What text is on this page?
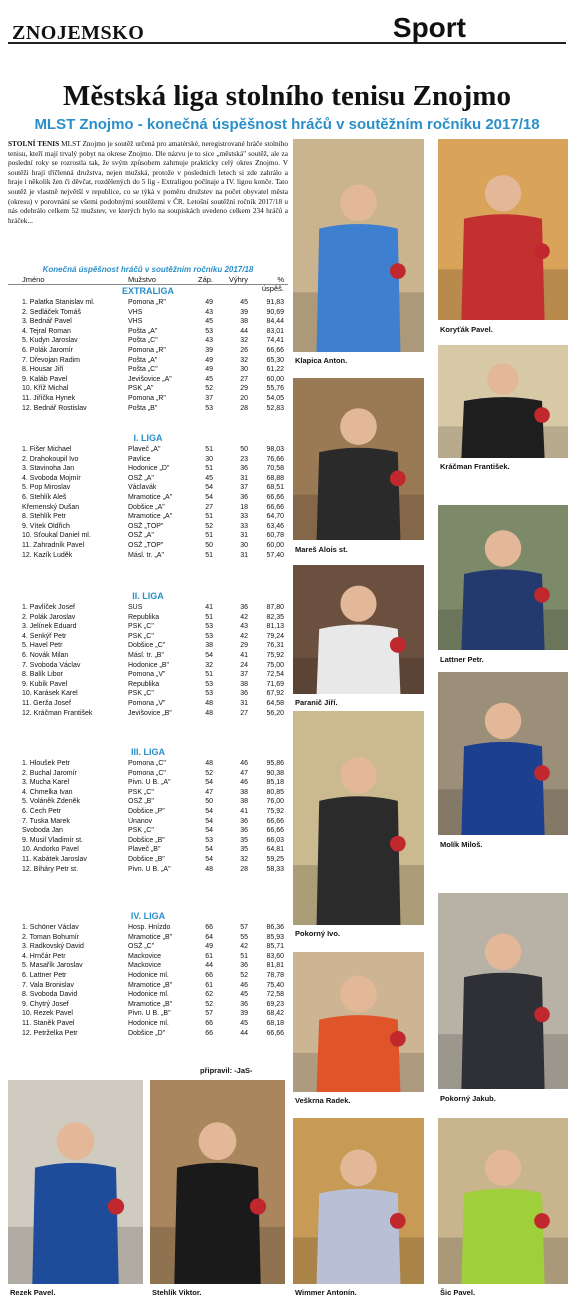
ZNOJEMSKO	Sport
Městská liga stolního tenisu Znojmo
MLST Znojmo - konečná úspěšnost hráčů v soutěžním ročníku 2017/18
STOLNÍ TENIS MLST Znojmo je soutěž určená pro amatérské, neregistrované hráče stolního tenisu, kteří mají trvalý pobyt na okrese Znojmo. Dle názvu je to sice „městská" soutěž, ale za poslední roky se rozrostla tak, že svým způsobem zahrnuje prakticky celý okres Znojmo. V soutěži hrají tříčlenná družstva, nejen mužská, protože v posledních letech si zde zahrálo a hraje i několik žen či děvčat, rozdělených do 5 lig - Extraligou počínaje a IV. ligou konče. Tato soutěž je vlastně největší v republice, co se týká v poměru družstev na počet obyvatel města (okresu) v porovnání se všemi podobnými soutěžemi v ČR. Letošní soutěžní ročník 2017/18 u nás odehrálo celkem 52 mužstev, ve kterých bylo na soupiskách uvedeno celkem 234 hráčů a hráček...
Konečná úspěšnost hráčů v soutěžním ročníku 2017/18
Jméno	Mužstvo	Záp.	Výhry	% úspěš.
EXTRALIGA
1. Palatka Stanislav ml.	Pomona „R"	49	45	91,83
2. Sedláček Tomáš	VHS	43	39	90,69
3. Bednář Pavel	VHS	45	38	84,44
4. Tejral Roman	Pošta „A"	53	44	83,01
5. Kudyn Jaroslav	Pošta „C"	43	32	74,41
6. Polák Jaromír	Pomona „R"	39	26	66,66
7. Dřevojan Radim	Pošta „A"	49	32	65,30
8. Housar Jiří	Pošta „C"	49	30	61,22
9. Kaláb Pavel	Jevišovice „A"	45	27	60,00
10. Kříž Michal	PSK „A"	52	29	55,76
11. Jiříčka Hynek	Pomona „R"	37	20	54,05
12. Bednář Rostislav	Pošta „B"	53	28	52,83
I. LIGA
1. Fišer Michael	Plaveč „A"	51	50	98,03
2. Drahokoupil Ivo	Pavlice	30	23	76,66
3. Stavinoha Jan	Hodonice „D"	51	36	70,58
4. Svoboda Mojmír	OSŽ „A"	45	31	68,88
5. Pop Miroslav	Václavák	54	37	68,51
6. Stehlík Aleš	Mramotice „A"	54	36	66,66
Křemenský Dušan	Dobšice „A"	27	18	66,66
8. Stehlík Petr	Mramotice „A"	51	33	64,70
9. Vítek Oldřich	OSŽ „TOP"	52	33	63,46
10. Sťoukal Daniel ml.	OSŽ „A"	51	31	60,78
11. Zahradník Pavel	OSŽ „TOP"	50	30	60,00
12. Kazík Luděk	Másl. tr. „A"	51	31	57,40
II. LIGA
1. Pavlíček Josef	SÚS	41	36	87,80
2. Polák Jaroslav	Republika	51	42	82,35
3. Jelínek Eduard	PSK „C"	53	43	81,13
4. Šenkýř Petr	PSK „C"	53	42	79,24
5. Havel Petr	Dobšice „C"	38	29	76,31
6. Novák Milan	Másl. tr. „B"	54	41	75,92
7. Svoboda Václav	Hodonice „B"	32	24	75,00
8. Balík Libor	Pomona „V"	51	37	72,54
9. Kubík Pavel	Republika	53	38	71,69
10. Karásek Karel	PSK „C"	53	36	67,92
11. Gerža Josef	Pomona „V"	48	31	64,58
12. Kráčman František	Jevišovice „B"	48	27	56,20
III. LIGA
1. Hloušek Petr	Pomona „C"	48	46	95,86
2. Buchal Jaromír	Pomona „C"	52	47	90,38
3. Mucha Karel	Pivn. U B. „A"	54	46	85,18
4. Chmelka Ivan	PSK „C"	47	38	80,85
5. Voláněk Zdeněk	OSŽ „B"	50	38	76,00
6. Čech Petr	Dobšice „P"	54	41	75,92
7. Tuska Marek	Únanov	54	36	66,66
Svoboda Jan	PSK „C"	54	36	66,66
9. Musil Vladimír st.	Dobšice „B"	53	35	66,03
10. Andorko Pavel	Plaveč „B"	54	35	64,81
11. Kabátek Jaroslav	Dobšice „B"	54	32	59,25
12. Bíháry Petr st.	Pivn. U B. „A"	48	28	58,33
IV. LIGA
1. Schöner Václav	Hosp. Hnízdo	66	57	86,36
2. Toman Bohumír	Mramotice „B"	64	55	85,93
3. Radkovský David	OSŽ „C"	49	42	85,71
4. Hrnčár Petr	Mackovice	61	51	83,60
5. Masařík Jaroslav	Mackovice	44	36	81,81
6. Lattner Petr	Hodonice ml.	66	52	78,78
7. Vala Bronislav	Mramotice „B"	61	46	75,40
8. Svoboda David	Hodonice ml.	62	45	72,58
9. Chytrý Josef	Mramotice „B"	52	36	69,23
10. Rezek Pavel	Pivn. U B. „B"	57	39	68,42
11. Staněk Pavel	Hodonice ml.	66	45	68,18
12. Petrželka Petr	Dobšice „D"	66	44	66,66
připravil: -JaS-
Klapica Anton.
Koryťák Pavel.
Mareš Alois st.
Kráčman František.
Paranič Jiří.
Lattner Petr.
Pokorný Ivo.
Molík Miloš.
Veškrna Radek.	Pokorný Jakub.
Rezek Pavel.	Stehlík Viktor.	Wimmer Antonín.	Šic Pavel.
